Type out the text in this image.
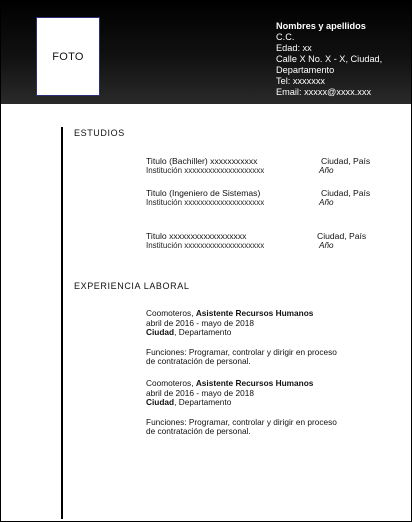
FOTO
Nombres y apellidos
C.C.
Edad: xx
Calle X No. X - X, Ciudad, Departamento
Tel: xxxxxxx
Email: xxxxx@xxxx.xxx
ESTUDIOS
Titulo (Bachiller) xxxxxxxxxxx	Ciudad, País
Institución xxxxxxxxxxxxxxxxxxxx	Año
Titulo (Ingeniero de Sistemas)	Ciudad, País
Institución xxxxxxxxxxxxxxxxxxxx	Año
Titulo xxxxxxxxxxxxxxxxxx	Ciudad, País
Institución xxxxxxxxxxxxxxxxxxxx	Año
EXPERIENCIA LABORAL
Coomoteros, Asistente Recursos Humanos
abril de 2016 - mayo de 2018
Ciudad, Departamento
Funciones: Programar, controlar y dirigir en proceso de contratación de personal.
Coomoteros, Asistente Recursos Humanos
abril de 2016 - mayo de 2018
Ciudad, Departamento
Funciones: Programar, controlar y dirigir en proceso de contratación de personal.
